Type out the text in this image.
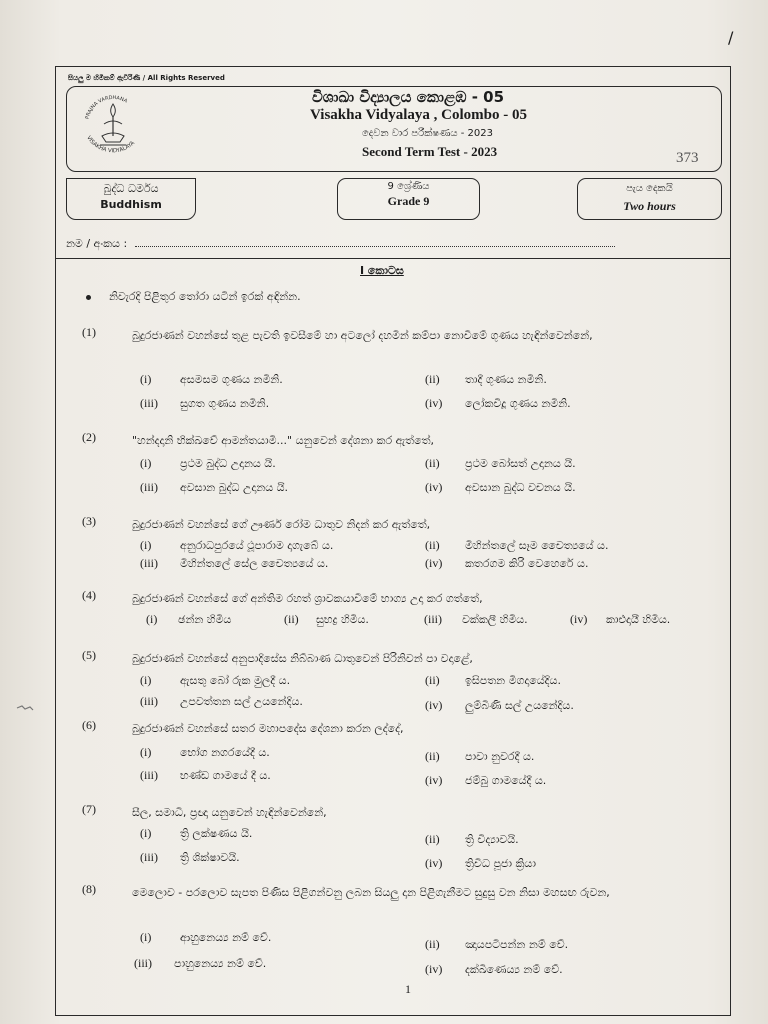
/
සියලු ම හිමිකම් ඇවිරිණි / All Rights Reserved
PRAJNA VARDHANA
VISAKHA VIDYALAYA
විශාඛා විද්‍යාලය කොළඹ - 05
Visakha Vidyalaya , Colombo - 05
දෙවන වාර පරීක්ෂණය - 2023
Second Term Test - 2023	373
බුද්ධ ධර්මය
Buddhism
9 ශ්‍රේණිය
Grade 9
පැය දෙකයි
Two hours
නම / අංකය :
I කොටස
නිවැරදි පිළිතුර තෝරා යටින් ඉරක් අඳින්න.
(1)	බුදුරජාණන් වහන්සේ තුළ පැවති ඉවසීමේ හා අටලෝ දහමින් කම්පා නොවීමේ ගුණය හැඳින්වෙන්නේ,
(i)	අසමසම ගුණය නමිනි.	(ii) තාදී ගුණය නමිනි.
(iii) සුගත ගුණය නමිනි.	(iv) ලෝකවිදූ ගුණය නමිනි.
(2)	"හන්දදානි භික්ඛවේ ආමන්තයාමි..." යනුවෙන් දේශනා කර ඇත්තේ,
(i)	ප්‍රථම බුද්ධ උදානය යි.	(ii) ප්‍රථම බෝසත් උදානය යි.
(iii) අවසාන බුද්ධ උදානය යි.	(iv) අවසාන බුද්ධ වචනය යි.
(3)	බුදුරජාණන් වහන්සේ ගේ ඌර්ණ රෝම ධාතුව නිදන් කර ඇත්තේ,
(i)	අනුරාධපුරයේ ථූපාරාම දාගැබේ ය.	(ii) මිහින්තලේ සෑම චෛත්‍යයේ ය.
(iii) මිහින්තලේ සේල චෛත්‍යයේ ය.	(iv) කතරගම කිරි වෙහෙරේ ය.
(4)	බුදුරජාණන් වහන්සේ ගේ අන්තිම රහත් ශ්‍රාවකයාවීමේ භාග්‍ය උදා කර ගත්තේ,
(i) ඡන්න හිමිය	(ii) සුභද්‍ර හිමිය.	(iii) වක්කලී හිමිය.	(iv) කාළුදායී හිමිය.
(5)	බුදුරජාණන් වහන්සේ අනුපාදිසේස නිබ්බාණ ධාතුවෙන් පිරිනිවන් පා වදාළේ,
(i)	ඇසතු බෝ රුක මුලදී ය.	(ii) ඉසිපතන මිගදායේදිය.
(iii) උපවත්තන සල් උයනේදිය.	(iv) ලුම්බිණි සල් උයනේදිය.
(6)	බුදුරජාණන් වහන්සේ සතර මහාපදේස දේශනා කරන ලද්දේ,
(i)	භෝග නගරයේදී ය.	(ii) පාවා නුවරදී ය.
(iii) භණ්ඩ ගාමයේ දී ය.	(iv) ජම්බු ගාමයේදී ය.
(7)	සීල, සමාධි, ප්‍රඥා යනුවෙන් හැඳින්වෙන්නේ,
(i)	ත්‍රි ලක්ෂණය යි.	(ii) ත්‍රි විද්‍යාවයි.
(iii) ත්‍රි ශික්ෂාවයි.	(iv) ත්‍රිවිධ පූජා ක්‍රියා
(8)	මෙලොව - පරලොව සැපත පිණිස පිළිගන්වනු ලබන සියලු දාන පිළිගැනීමට සුදුසු වන නිසා මහසඟ රුවන,
(i)	ආහුනෙය්‍ය නම් වේ.	(ii) ඤායපටිපන්න නම් වේ.
(iii) පාහුනෙය්‍ය නම් වේ.	(iv) දක්ඛිණෙය්‍ය නම් වේ.
1
